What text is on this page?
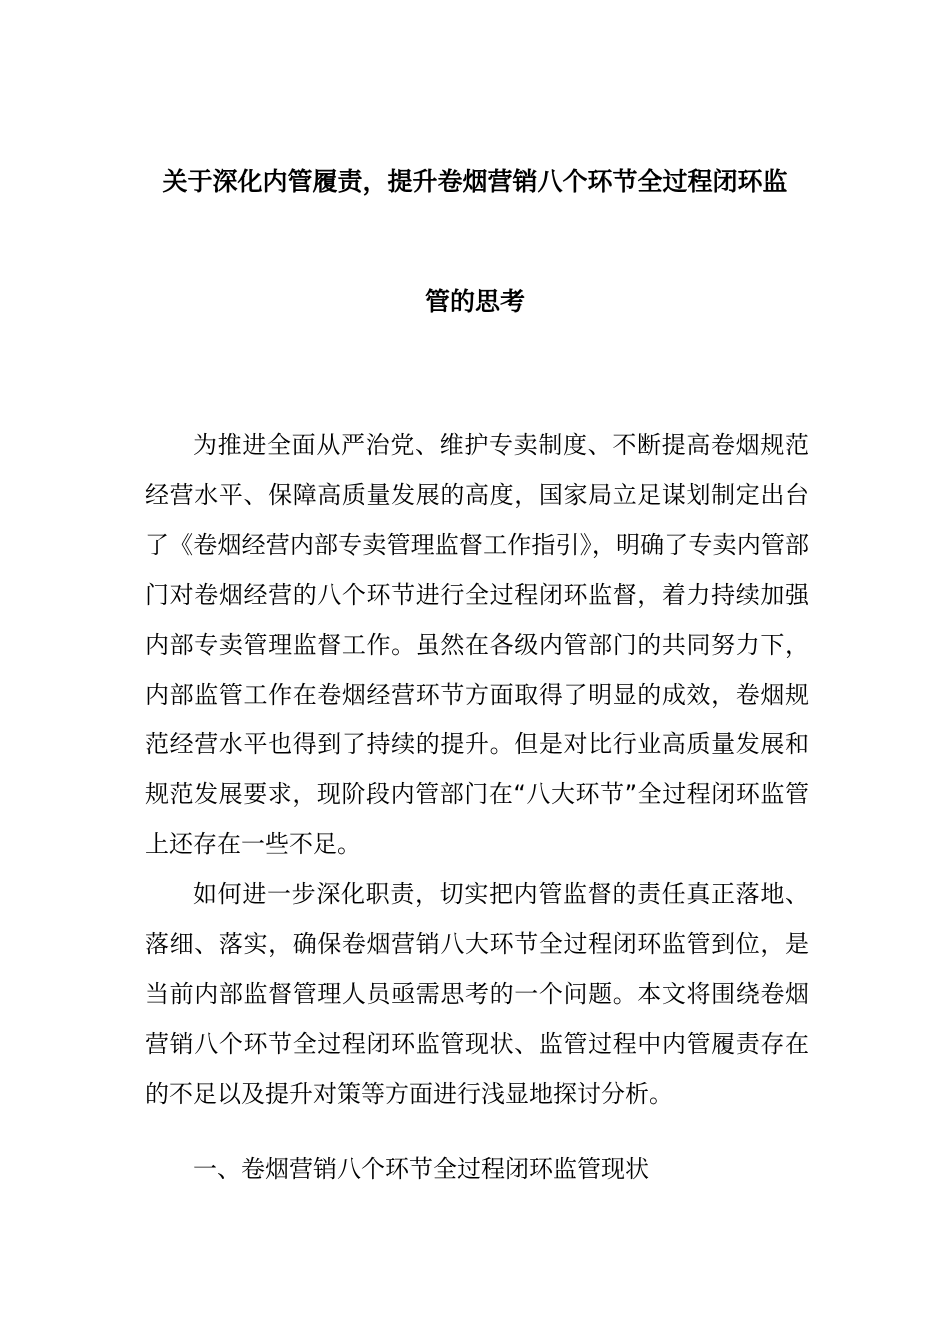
关于深化内管履责，提升卷烟营销八个环节全过程闭环监
管的思考

为推进全面从严治党、维护专卖制度、不断提高卷烟规范经营水平、保障高质量发展的高度，国家局立足谋划制定出台了《卷烟经营内部专卖管理监督工作指引》，明确了专卖内管部门对卷烟经营的八个环节进行全过程闭环监督，着力持续加强内部专卖管理监督工作。虽然在各级内管部门的共同努力下，内部监管工作在卷烟经营环节方面取得了明显的成效，卷烟规范经营水平也得到了持续的提升。但是对比行业高质量发展和规范发展要求，现阶段内管部门在“八大环节”全过程闭环监管上还存在一些不足。

如何进一步深化职责，切实把内管监督的责任真正落地、落细、落实，确保卷烟营销八大环节全过程闭环监管到位，是当前内部监督管理人员亟需思考的一个问题。本文将围绕卷烟营销八个环节全过程闭环监管现状、监管过程中内管履责存在的不足以及提升对策等方面进行浅显地探讨分析。

一、卷烟营销八个环节全过程闭环监管现状
